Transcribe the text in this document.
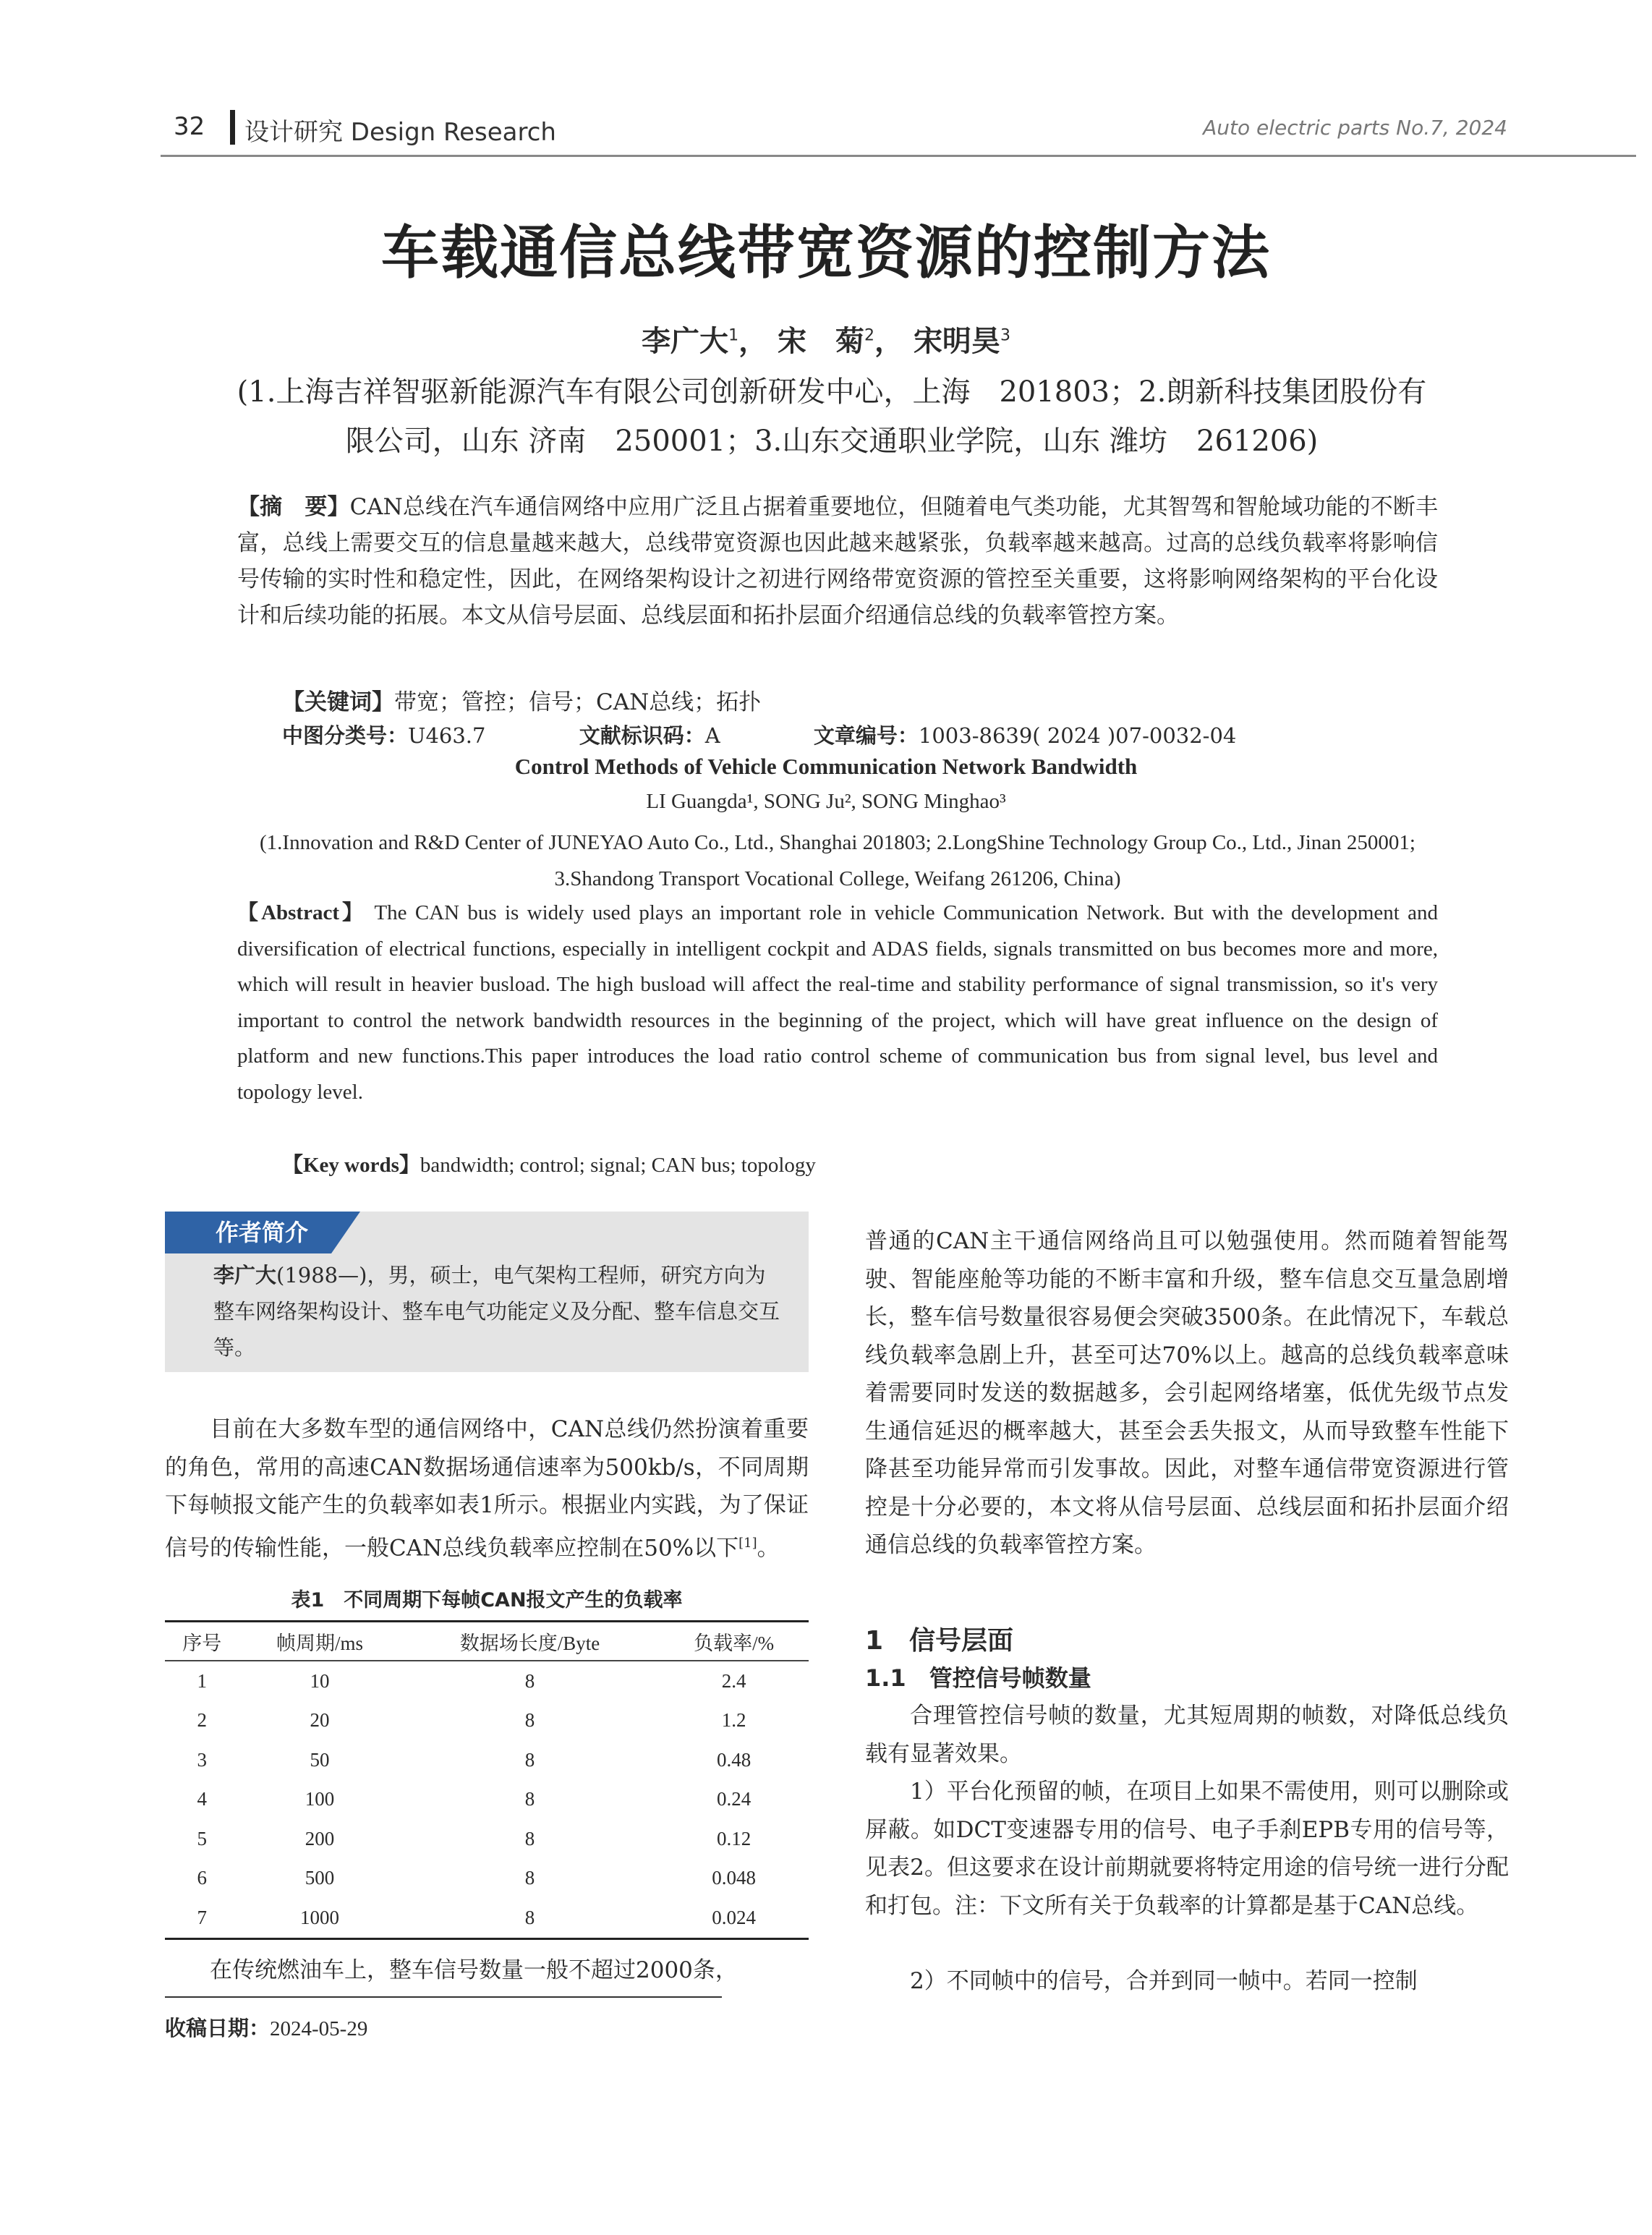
32 设计研究 Design Research	Auto electric parts No.7, 2024
车载通信总线带宽资源的控制方法
李广大$^1$， 宋　菊$^2$， 宋明昊$^3$
(1.上海吉祥智驱新能源汽车有限公司创新研发中心，上海　201803；2.朗新科技集团股份有限公司，山东 济南　250001；3.山东交通职业学院，山东 潍坊　261206)
【摘　要】CAN总线在汽车通信网络中应用广泛且占据着重要地位，但随着电气类功能，尤其智驾和智舱域功能的不断丰富，总线上需要交互的信息量越来越大，总线带宽资源也因此越来越紧张，负载率越来越高。过高的总线负载率将影响信号传输的实时性和稳定性，因此，在网络架构设计之初进行网络带宽资源的管控至关重要，这将影响网络架构的平台化设计和后续功能的拓展。本文从信号层面、总线层面和拓扑层面介绍通信总线的负载率管控方案。
【关键词】带宽；管控；信号；CAN总线；拓扑
中图分类号：U463.7	文献标识码：A	文章编号：1003-8639( 2024 )07-0032-04
Control Methods of Vehicle Communication Network Bandwidth
LI Guangda¹, SONG Ju², SONG Minghao³
(1.Innovation and R&D Center of JUNEYAO Auto Co., Ltd., Shanghai 201803; 2.LongShine Technology Group Co., Ltd., Jinan 250001; 3.Shandong Transport Vocational College, Weifang 261206, China)
【Abstract】 The CAN bus is widely used plays an important role in vehicle Communication Network. But with the development and diversification of electrical functions, especially in intelligent cockpit and ADAS fields, signals transmitted on bus becomes more and more, which will result in heavier busload. The high busload will affect the real-time and stability performance of signal transmission, so it's very important to control the network bandwidth resources in the beginning of the project, which will have great influence on the design of platform and new functions.This paper introduces the load ratio control scheme of communication bus from signal level, bus level and topology level.
【Key words】bandwidth; control; signal; CAN bus; topology
作者简介
李广大(1988—)，男，硕士，电气架构工程师，研究方向为整车网络架构设计、整车电气功能定义及分配、整车信息交互等。
目前在大多数车型的通信网络中，CAN总线仍然扮演着重要的角色，常用的高速CAN数据场通信速率为500kb/s，不同周期下每帧报文能产生的负载率如表1所示。根据业内实践，为了保证信号的传输性能，一般CAN总线负载率应控制在50%以下[1]。
表1　不同周期下每帧CAN报文产生的负载率
序号	帧周期/ms	数据场长度/Byte	负载率/%
1	10	8	2.4
2	20	8	1.2
3	50	8	0.48
4	100	8	0.24
5	200	8	0.12
6	500	8	0.048
7	1000	8	0.024
在传统燃油车上，整车信号数量一般不超过2000条，
收稿日期：2024-05-29
普通的CAN主干通信网络尚且可以勉强使用。然而随着智能驾驶、智能座舱等功能的不断丰富和升级，整车信息交互量急剧增长，整车信号数量很容易便会突破3500条。在此情况下，车载总线负载率急剧上升，甚至可达70%以上。越高的总线负载率意味着需要同时发送的数据越多，会引起网络堵塞，低优先级节点发生通信延迟的概率越大，甚至会丢失报文，从而导致整车性能下降甚至功能异常而引发事故。因此，对整车通信带宽资源进行管控是十分必要的，本文将从信号层面、总线层面和拓扑层面介绍通信总线的负载率管控方案。
1　信号层面
1.1　管控信号帧数量
合理管控信号帧的数量，尤其短周期的帧数，对降低总线负载有显著效果。
1）平台化预留的帧，在项目上如果不需使用，则可以删除或屏蔽。如DCT变速器专用的信号、电子手刹EPB专用的信号等，见表2。但这要求在设计前期就要将特定用途的信号统一进行分配和打包。注：下文所有关于负载率的计算都是基于CAN总线。
2）不同帧中的信号，合并到同一帧中。若同一控制
